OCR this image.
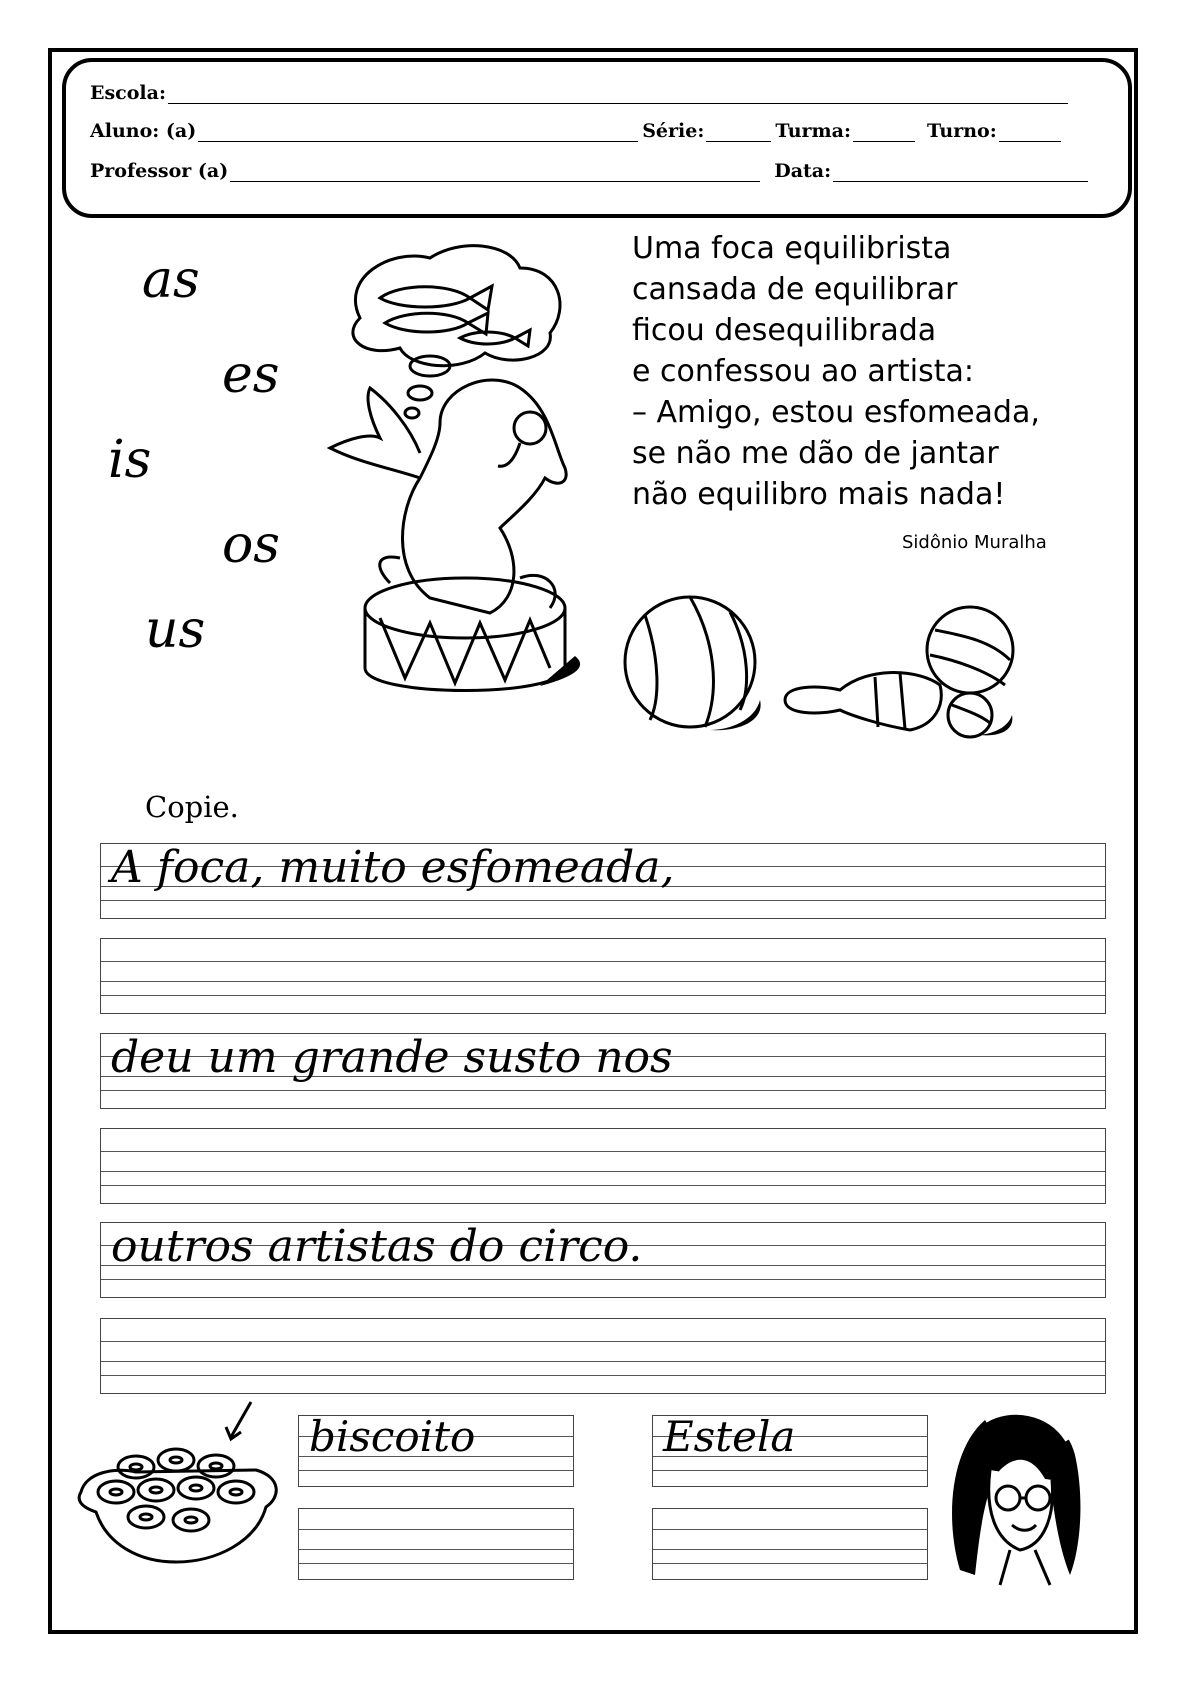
Escola:
Aluno: (a)	Série:	Turma:	Turno:
Professor (a)	Data:
as
es
is
os
us
Uma foca equilibrista
cansada de equilibrar
ficou desequilibrada
e confessou ao artista:
– Amigo, estou esfomeada,
se não me dão de jantar
não equilibro mais nada!
Sidônio Muralha
Copie.
A foca, muito esfomeada,
deu um grande susto nos
outros artistas do circo.
biscoito	Estela
